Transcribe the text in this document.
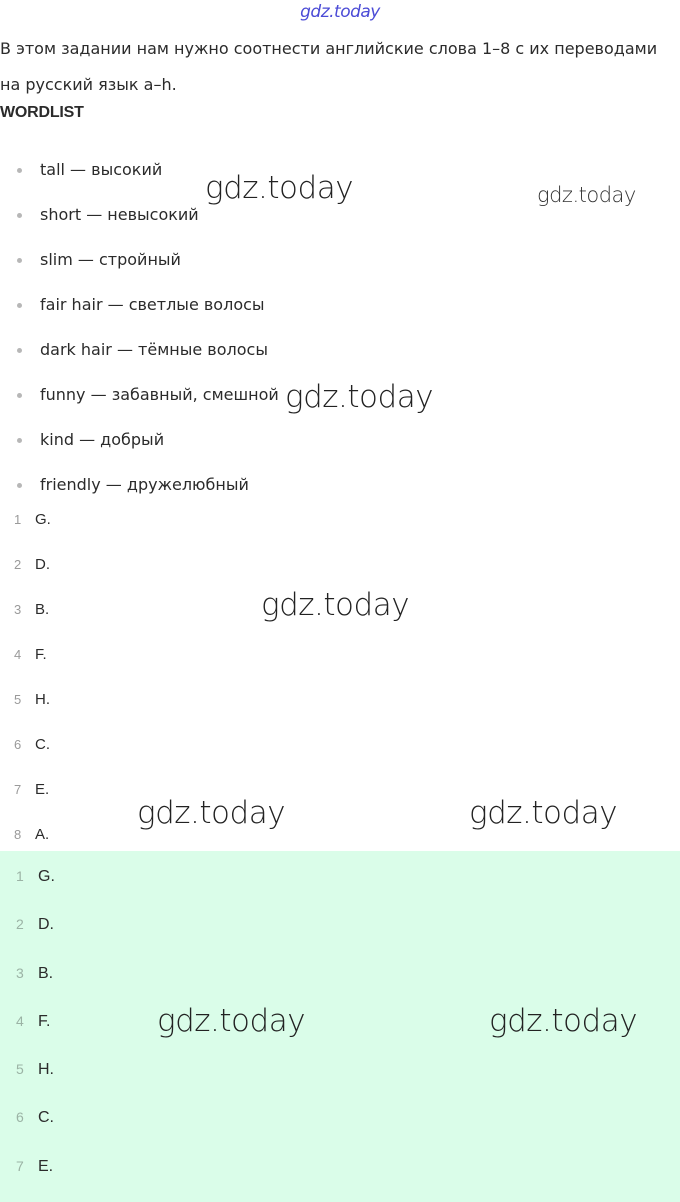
gdz.today
В этом задании нам нужно соотнести английские слова 1–8 с их переводами на русский язык a–h.
WORDLIST
tall — высокий
short — невысокий
slim — стройный
fair hair — светлые волосы
dark hair — тёмные волосы
funny — забавный, смешной
kind — добрый
friendly — дружелюбный
1 G.
2 D.
3 B.
4 F.
5 H.
6 C.
7 E.
8 A.
1 G.
2 D.
3 B.
4 F.
5 H.
6 C.
7 E.
gdz.today	gdz.today
gdz.today
gdz.today
gdz.today	gdz.today
gdz.today	gdz.today
